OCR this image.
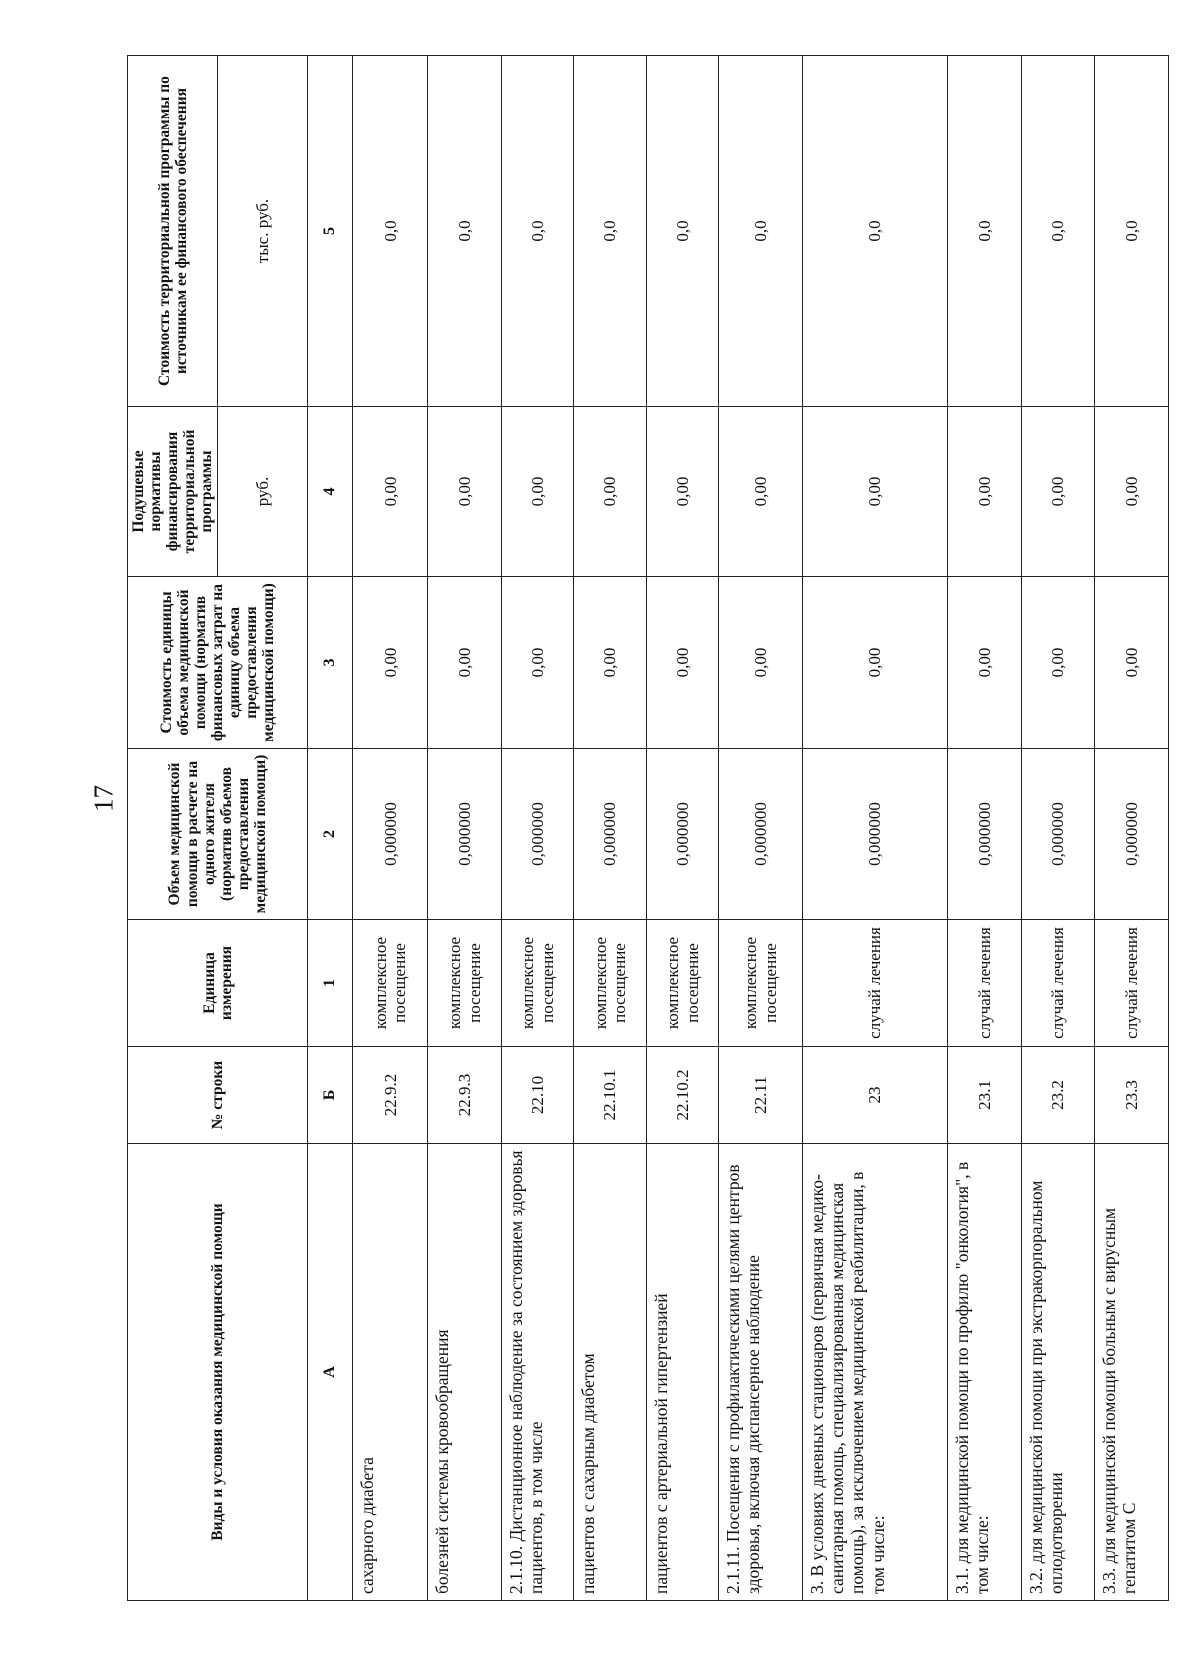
17
Виды и условия оказания медицинской помощи	№ строки	Единица измерения	Объем медицинской помощи в расчете на одного жителя (норматив объемов предоставления медицинской помощи)	Стоимость единицы объема медицинской помощи (норматив финансовых затрат на единицу объема предоставления медицинской помощи)	Подушевые нормативы финансирования территориальной программы	Стоимость территориальной программы по источникам ее финансового обеспечения
					руб.	тыс. руб.
А	Б	1	2	3	4	5
сахарного диабета	22.9.2	комплексное посещение	0,000000	0,00	0,00	0,0
болезней системы кровообращения	22.9.3	комплексное посещение	0,000000	0,00	0,00	0,0
2.1.10. Дистанционное наблюдение за состоянием здоровья пациентов, в том числе	22.10	комплексное посещение	0,000000	0,00	0,00	0,0
пациентов с сахарным диабетом	22.10.1	комплексное посещение	0,000000	0,00	0,00	0,0
пациентов с артериальной гипертензией	22.10.2	комплексное посещение	0,000000	0,00	0,00	0,0
2.1.11. Посещения с профилактическими целями центров здоровья, включая диспансерное наблюдение	22.11	комплексное посещение	0,000000	0,00	0,00	0,0
3. В условиях дневных стационаров (первичная медико-санитарная помощь, специализированная медицинская помощь), за исключением медицинской реабилитации, в том числе:	23	случай лечения	0,000000	0,00	0,00	0,0
3.1. для медицинской помощи по профилю "онкология", в том числе:	23.1	случай лечения	0,000000	0,00	0,00	0,0
3.2. для медицинской помощи при экстракорпоральном оплодотворении	23.2	случай лечения	0,000000	0,00	0,00	0,0
3.3. для медицинской помощи больным с вирусным гепатитом С	23.3	случай лечения	0,000000	0,00	0,00	0,0
